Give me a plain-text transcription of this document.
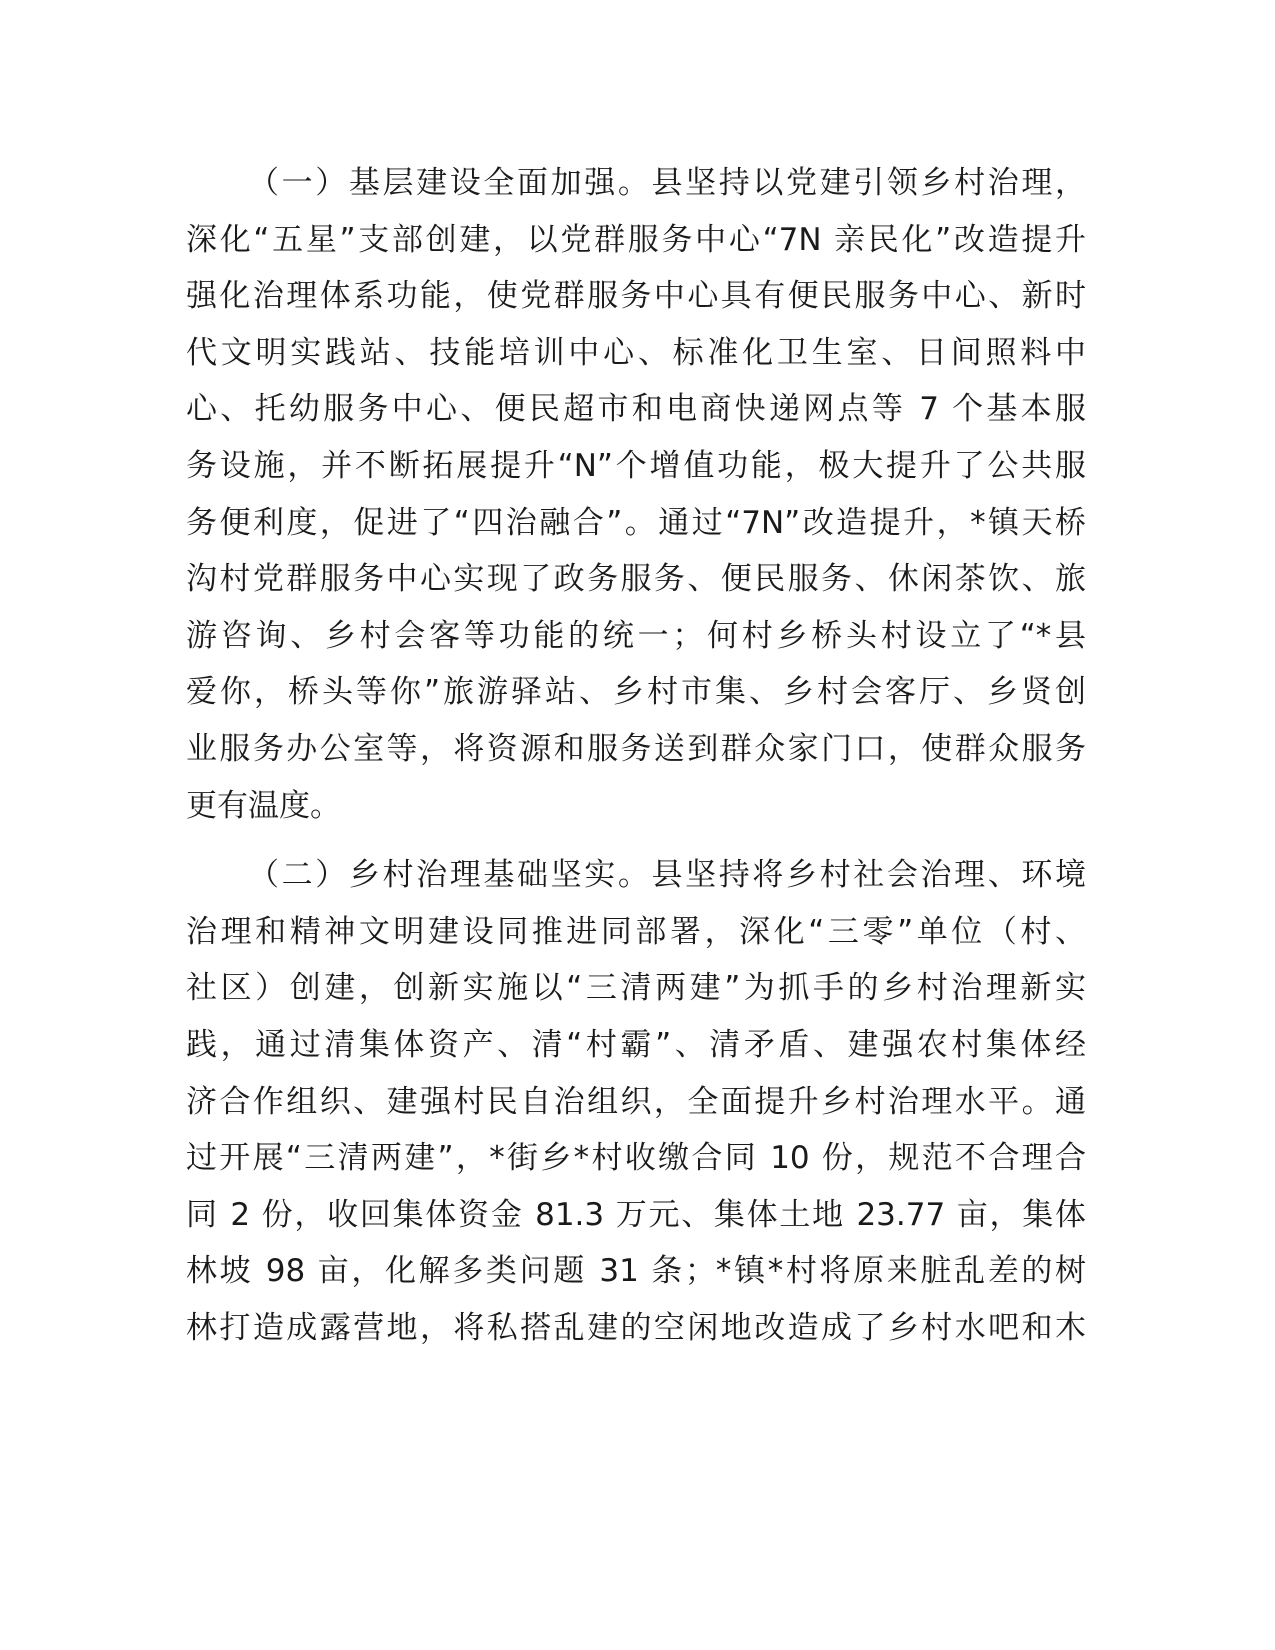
（一）基层建设全面加强。县坚持以党建引领乡村治理，
深化“五星”支部创建，以党群服务中心“7N 亲民化”改造提升
强化治理体系功能，使党群服务中心具有便民服务中心、新时
代文明实践站、技能培训中心、标准化卫生室、日间照料中
心、托幼服务中心、便民超市和电商快递网点等 7 个基本服
务设施，并不断拓展提升“N”个增值功能，极大提升了公共服
务便利度，促进了“四治融合”。通过“7N”改造提升，*镇天桥
沟村党群服务中心实现了政务服务、便民服务、休闲茶饮、旅
游咨询、乡村会客等功能的统一；何村乡桥头村设立了“*县
爱你，桥头等你”旅游驿站、乡村市集、乡村会客厅、乡贤创
业服务办公室等，将资源和服务送到群众家门口，使群众服务
更有温度。
（二）乡村治理基础坚实。县坚持将乡村社会治理、环境
治理和精神文明建设同推进同部署，深化“三零”单位（村、
社区）创建，创新实施以“三清两建”为抓手的乡村治理新实
践，通过清集体资产、清“村霸”、清矛盾、建强农村集体经
济合作组织、建强村民自治组织，全面提升乡村治理水平。通
过开展“三清两建”，*街乡*村收缴合同 10 份，规范不合理合
同 2 份，收回集体资金 81.3 万元、集体土地 23.77 亩，集体
林坡 98 亩，化解多类问题 31 条；*镇*村将原来脏乱差的树
林打造成露营地，将私搭乱建的空闲地改造成了乡村水吧和木
